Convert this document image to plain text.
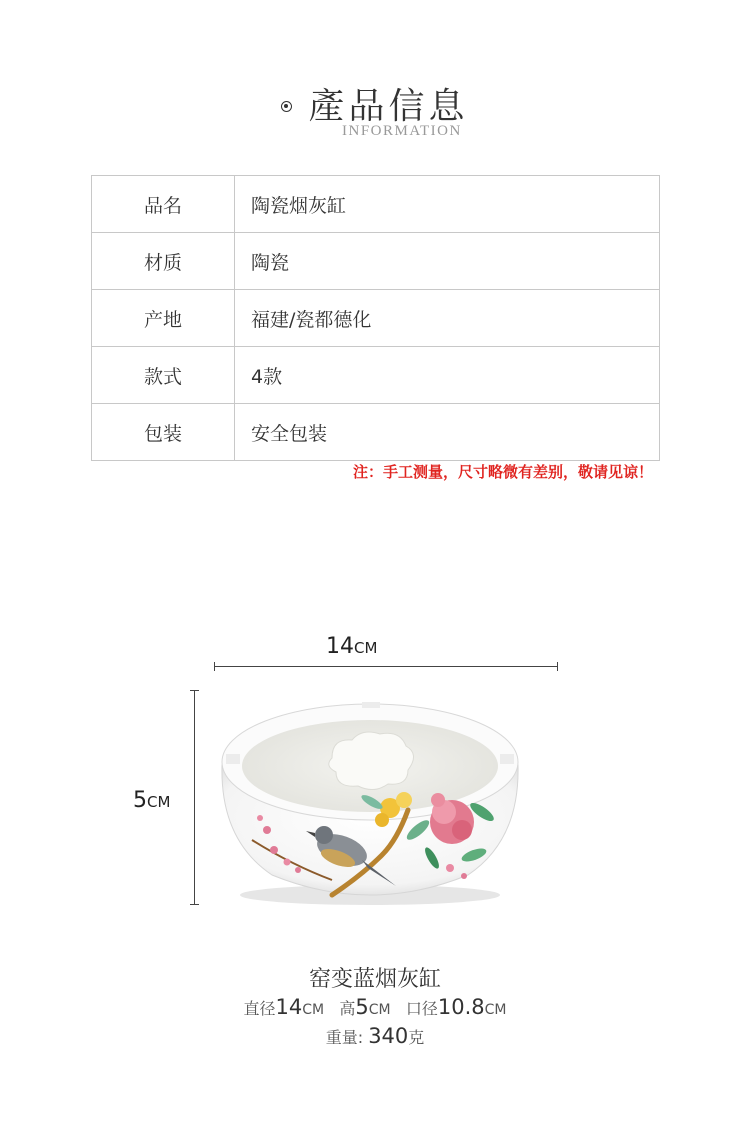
產品信息
INFORMATION
品名	陶瓷烟灰缸
材质	陶瓷
产地	福建/瓷都德化
款式	4款
包装	安全包装
注：手工测量，尺寸略微有差别，敬请见谅！
14CM
5CM
窑变蓝烟灰缸
直径14CM 高5CM 口径10.8CM
重量: 340克
